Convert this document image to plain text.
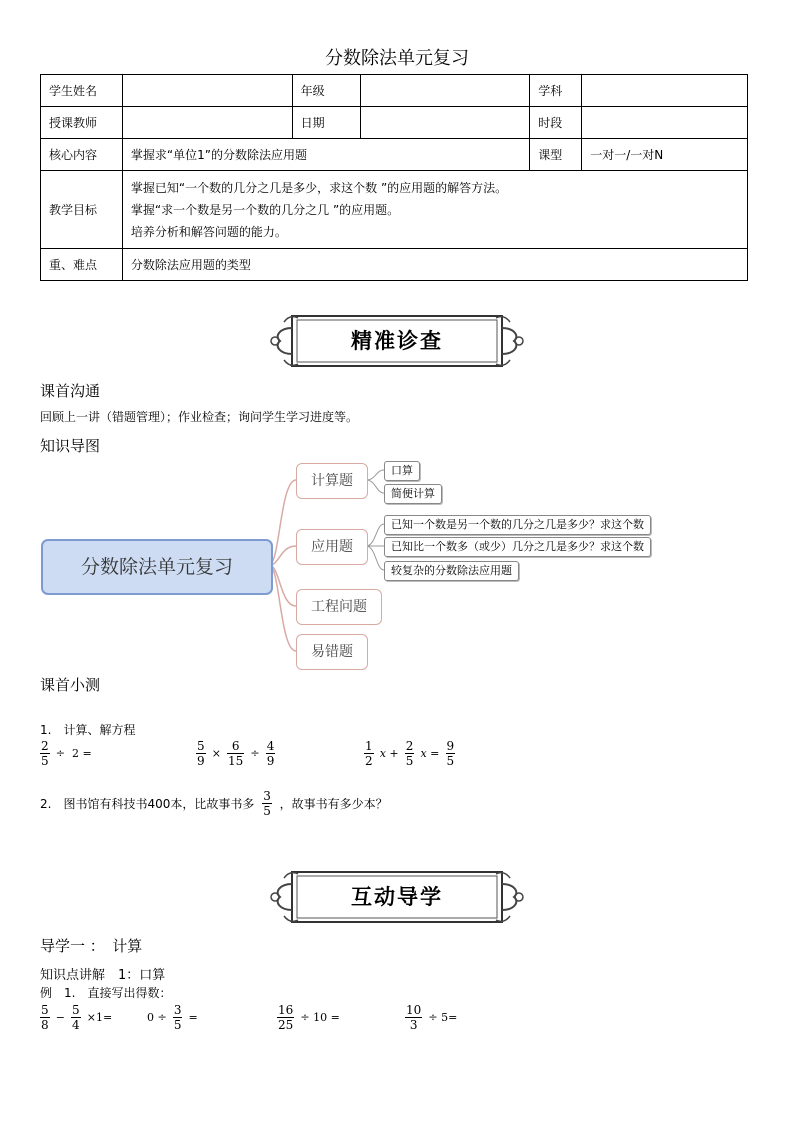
分数除法单元复习
学生姓名		年级		学科	
授课教师		日期		时段	
核心内容	掌握求“单位1”的分数除法应用题			课型	一对一/一对N
教学目标	掌握已知“一个数的几分之几是多少，求这个数 ”的应用题的解答方法。
掌握“求一个数是另一个数的几分之几 ”的应用题。
培养分析和解答问题的能力。				

重、难点	分数除法应用题的类型				
精准诊查
课首沟通
回顾上一讲（错题管理）；作业检查；询问学生学习进度等。
知识导图
分数除法单元复习
计算题
应用题
工程问题
易错题
口算
简便计算
已知一个数是另一个数的几分之几是多少？求这个数
已知比一个数多（或少）几分之几是多少？求这个数
较复杂的分数除法应用题
课首小测
1.　计算、解方程
$\frac{2}{5} \div 2$ =	$\frac{5}{9} \times \frac{6}{15} \div \frac{4}{9}$	$\frac{1}{2}$ $x + \frac{2}{5}$ $x = \frac{9}{5}$
2.　图书馆有科技书400本，比故事书多 $\frac{3}{5}$ ，故事书有多少本？
互动导学
导学一 ：　计算
知识点讲解　1：口算
例　1.　直接写出得数：
$\frac{5}{8} - \frac{5}{4} \times 1=$	$0 \div \frac{3}{5}$ =	$\frac{16}{25} \div 10$ =	$\frac{10}{3} \div 5=$
